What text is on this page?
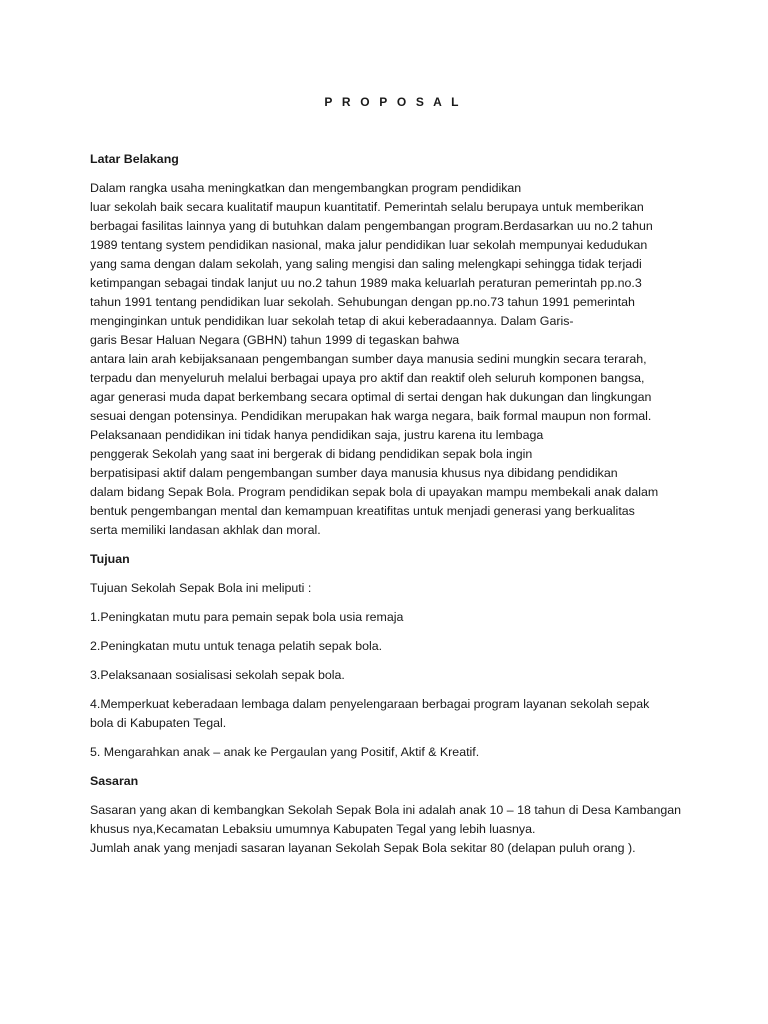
P R O P O S A L
Latar Belakang
Dalam rangka usaha meningkatkan dan mengembangkan program pendidikan
luar sekolah baik secara kualitatif maupun kuantitatif. Pemerintah selalu berupaya untuk memberikan
berbagai fasilitas lainnya yang di butuhkan dalam pengembangan program.Berdasarkan uu no.2 tahun
1989 tentang system pendidikan nasional, maka jalur pendidikan luar sekolah mempunyai kedudukan
yang sama dengan dalam sekolah, yang saling mengisi dan saling melengkapi sehingga tidak terjadi
ketimpangan sebagai tindak lanjut uu no.2 tahun 1989 maka keluarlah peraturan pemerintah pp.no.3
tahun 1991 tentang pendidikan luar sekolah. Sehubungan dengan pp.no.73 tahun 1991 pemerintah
menginginkan untuk pendidikan luar sekolah tetap di akui keberadaannya. Dalam Garis-
garis Besar Haluan Negara (GBHN) tahun 1999 di tegaskan bahwa
antara lain arah kebijaksanaan pengembangan sumber daya manusia sedini mungkin secara terarah,
terpadu dan menyeluruh melalui berbagai upaya pro aktif dan reaktif oleh seluruh komponen bangsa,
agar generasi muda dapat berkembang secara optimal di sertai dengan hak dukungan dan lingkungan
sesuai dengan potensinya. Pendidikan merupakan hak warga negara, baik formal maupun non formal.
Pelaksanaan pendidikan ini tidak hanya pendidikan saja, justru karena itu lembaga
penggerak Sekolah yang saat ini bergerak di bidang pendidikan sepak bola ingin
berpatisipasi aktif dalam pengembangan sumber daya manusia khusus nya dibidang pendidikan
dalam bidang Sepak Bola. Program pendidikan sepak bola di upayakan mampu membekali anak dalam
bentuk pengembangan mental dan kemampuan kreatifitas untuk menjadi generasi yang berkualitas
serta memiliki landasan akhlak dan moral.
Tujuan
Tujuan Sekolah Sepak Bola ini meliputi :
1.Peningkatan mutu para pemain sepak bola usia remaja
2.Peningkatan mutu untuk tenaga pelatih sepak bola.
3.Pelaksanaan sosialisasi sekolah sepak bola.
4.Memperkuat keberadaan lembaga dalam penyelengaraan berbagai program layanan sekolah sepak
bola di Kabupaten Tegal.
5. Mengarahkan anak – anak ke Pergaulan yang Positif, Aktif & Kreatif.
Sasaran
Sasaran yang akan di kembangkan Sekolah Sepak Bola ini adalah anak 10 – 18 tahun di Desa Kambangan
khusus nya,Kecamatan Lebaksiu umumnya Kabupaten Tegal yang lebih luasnya.
Jumlah anak yang menjadi sasaran layanan Sekolah Sepak Bola sekitar 80 (delapan puluh orang ).
